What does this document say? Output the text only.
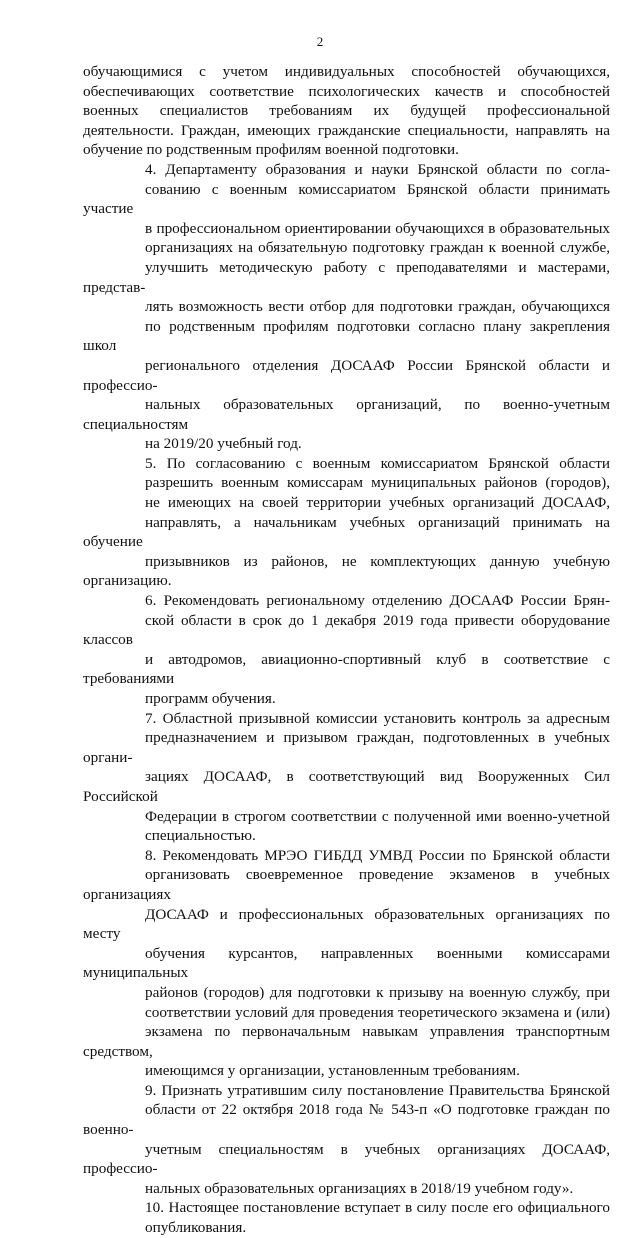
2
обучающимися с учетом индивидуальных способностей обучающихся,
обеспечивающих соответствие психологических качеств и способностей
военных специалистов требованиям их будущей профессиональной
деятельности. Граждан, имеющих гражданские специальности, направлять на
обучение по родственным профилям военной подготовки.
4. Департаменту образования и науки Брянской области по согла-
сованию с военным комиссариатом Брянской области принимать участие
в профессиональном ориентировании обучающихся в образовательных
организациях на обязательную подготовку граждан к военной службе,
улучшить методическую работу с преподавателями и мастерами, предстaв-
лять возможность вести отбор для подготовки граждан, обучающихся
по родственным профилям подготовки согласно плану закрепления школ
регионального отделения ДОСААФ России Брянской области и профессио-
нальных образовательных организаций, по военно-учетным специальностям
на 2019/20 учебный год.
5. По согласованию с военным комиссариатом Брянской области
разрешить военным комиссарам муниципальных районов (городов),
не имеющих на своей территории учебных организаций ДОСААФ,
направлять, а начальникам учебных организаций принимать на обучение
призывников из районов, не комплектующих данную учебную организацию.
6. Рекомендовать региональному отделению ДОСААФ России Брян-
ской области в срок до 1 декабря 2019 года привести оборудование классов
и автодромов, авиационно-спортивный клуб в соответствие с требованиями
программ обучения.
7. Областной призывной комиссии установить контроль за адресным
предназначением и призывом граждан, подготовленных в учебных органи-
зациях ДОСААФ, в соответствующий вид Вооруженных Сил Российской
Федерации в строгом соответствии с полученной ими военно-учетной
специальностью.
8. Рекомендовать МРЭО ГИБДД УМВД России по Брянской области
организовать своевременное проведение экзаменов в учебных организациях
ДОСААФ и профессиональных образовательных организациях по месту
обучения курсантов, направленных военными комиссарами муниципальных
районов (городов) для подготовки к призыву на военную службу, при
соответствии условий для проведения теоретического экзамена и (или)
экзамена по первоначальным навыкам управления транспортным средством,
имеющимся у организации, установленным требованиям.
9. Признать утратившим силу постановление Правительства Брянской
области от 22 октября 2018 года № 543-п «О подготовке граждан по военно-
учетным специальностям в учебных организациях ДОСААФ, профессио-
нальных образовательных организациях в 2018/19 учебном году».
10. Настоящее постановление вступает в силу после его официального
опубликования.
